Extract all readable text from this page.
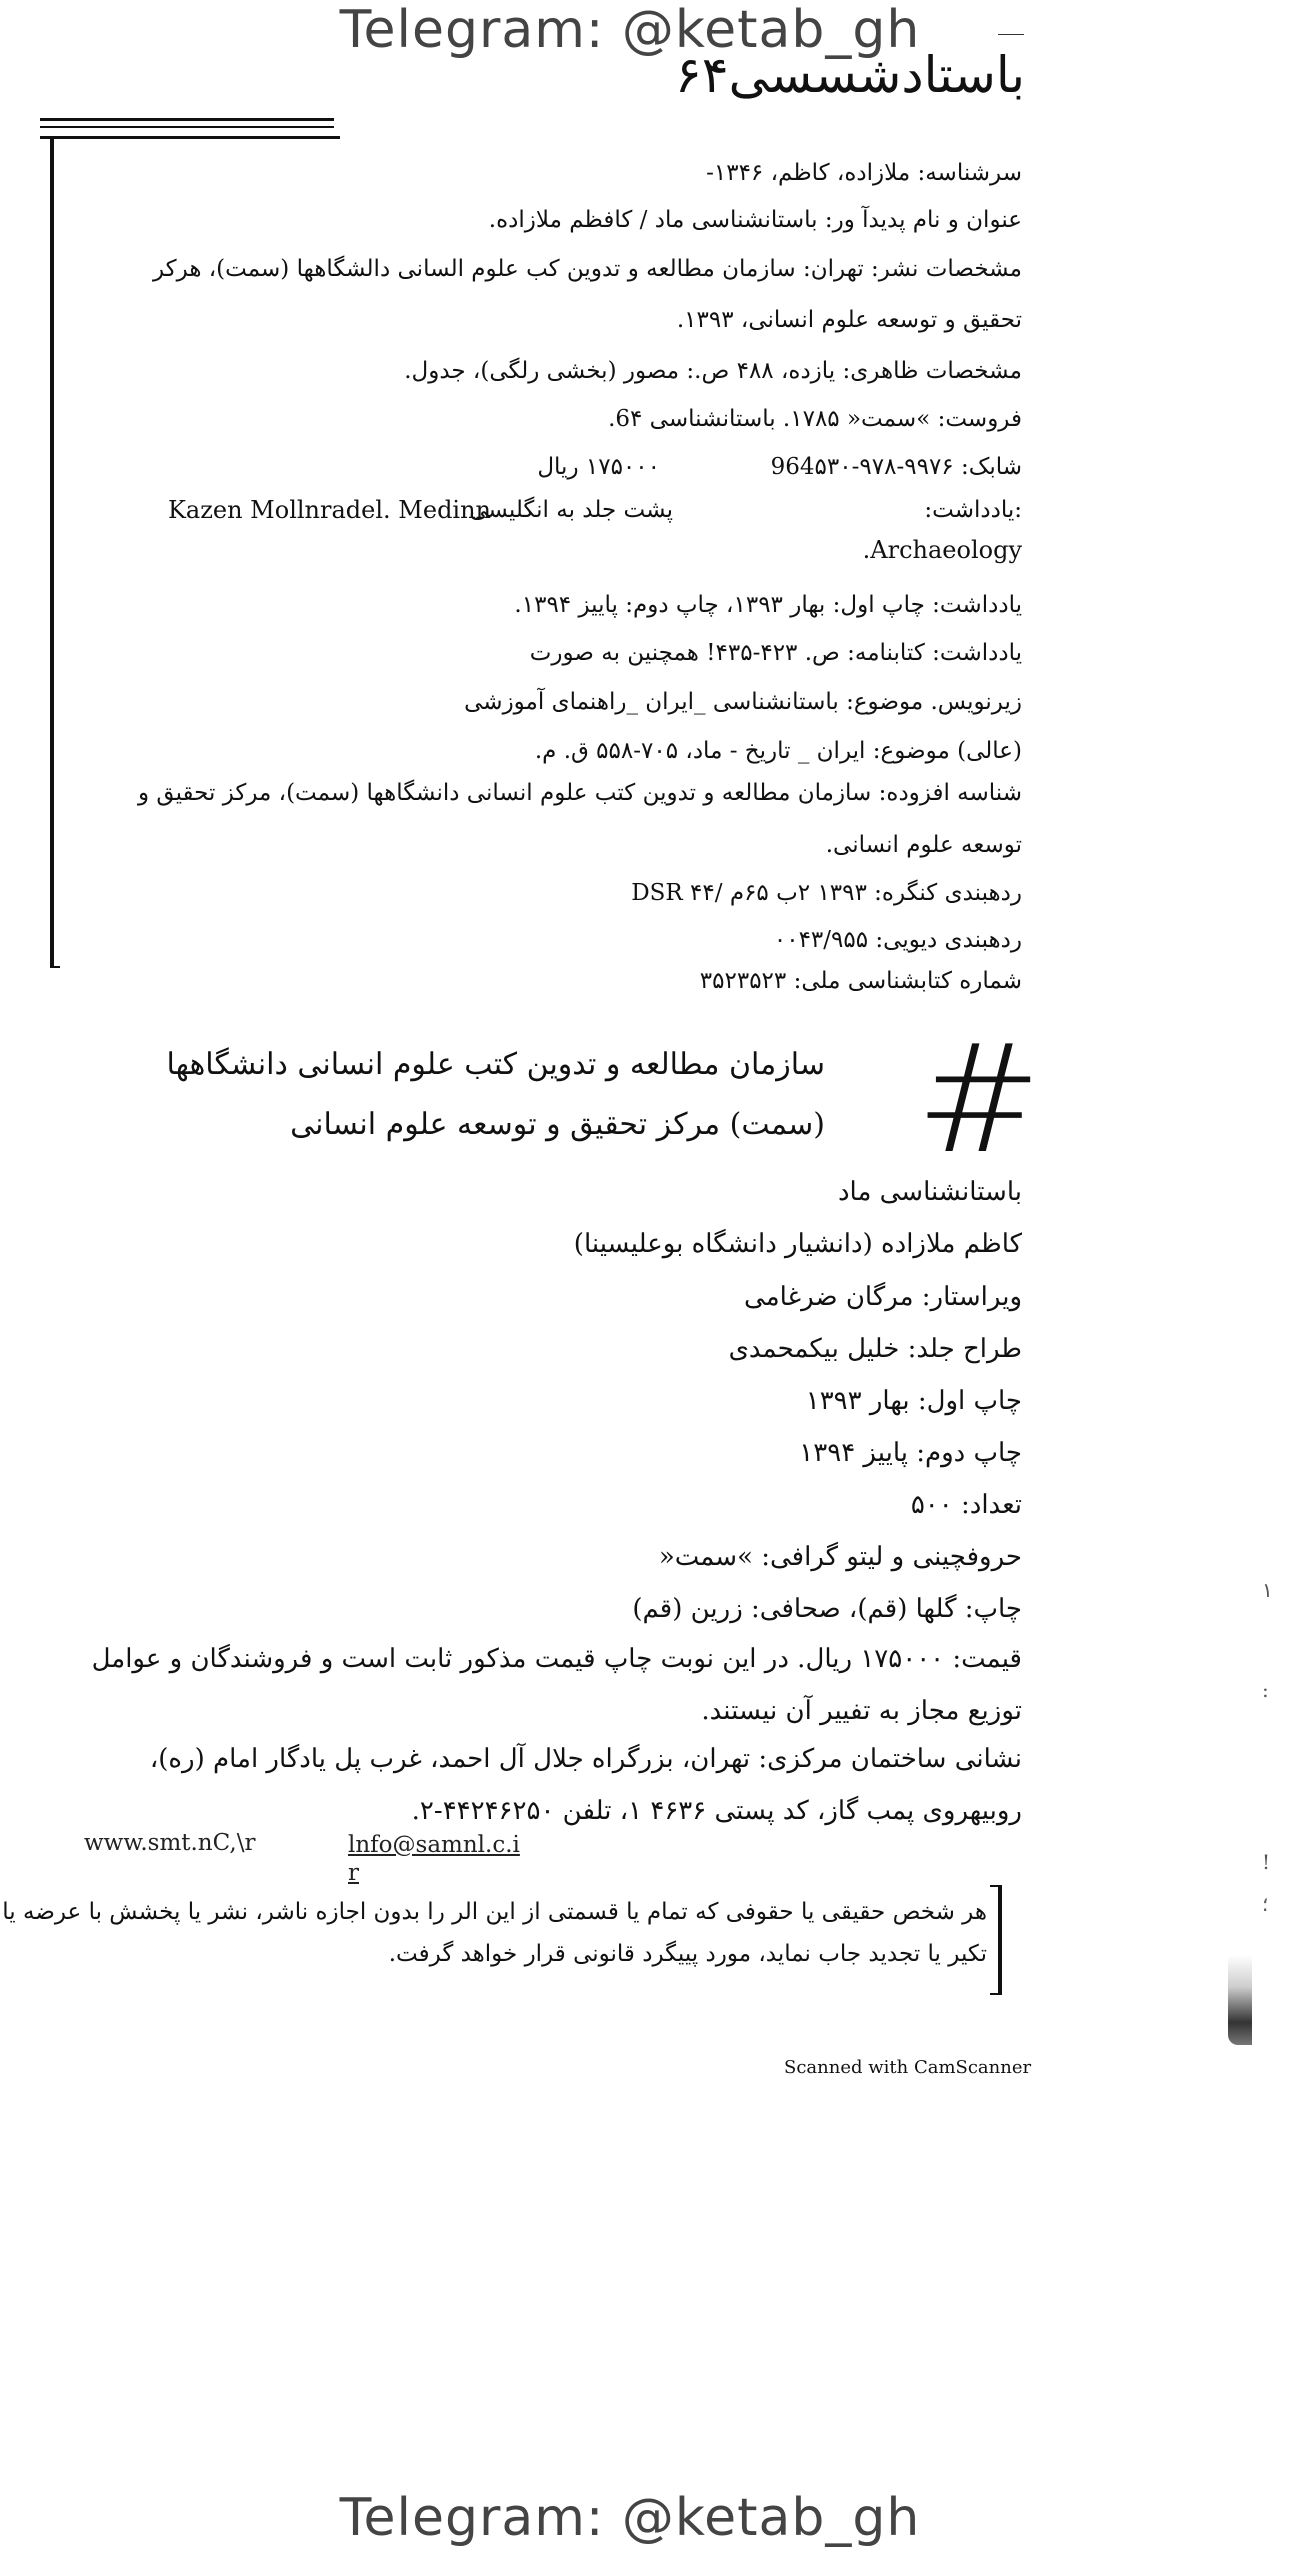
Telegram: @ketab_gh
Telegram: @ketab_gh
باستادشسسی۶۴
سرشناسه: ملازاده، کاظم، ۱۳۴۶-
عنوان و نام پدیدآ ور: باستانشناسی ماد / کافظم ملازاده.
مشخصات نشر: تهران: سازمان مطالعه و تدوین کب علوم السانی دالشگاهها (سمت)، هرکر
تحقیق و توسعه علوم انسانی، ۱۳۹۳.
مشخصات ظاهری: یازده، ۴۸۸ ص.: مصور (بخشی رلگی)، جدول.
فروست: »سمت« ۱۷۸۵. باستانشناسی 6۴.
شابک: ۹۹۷۶-۹۷۸-964۵۳۰
۱۷۵۰۰۰ ریال
:یادداشت:
پشت جلد به انگلیسی
Kazen Mollnradel. Medinn
.Archaeology
یادداشت: چاپ اول: بهار ۱۳۹۳، چاپ دوم: پاییز ۱۳۹۴.
یادداشت: کتابنامه: ص. ۴۲۳-۴۳۵! همچنین به صورت
زیرنویس. موضوع: باستانشناسی _ایران _راهنمای آموزشی
(عالی) موضوع: ایران _ تاریخ - ماد، ۷۰۵-۵۵۸ ق. م.
شناسه افزوده: سازمان مطالعه و تدوین کتب علوم انسانی دانشگاهها (سمت)، مرکز تحقیق و
توسعه علوم انسانی.
DSR ۴۴/ ردهبندی کنگره: ۱۳۹۳ ۲ب ۶۵م
ردهبندی دیویی: ۰۰۴۳/۹۵۵
شماره کتابشناسی ملی: ۳۵۲۳۵۲۳
سازمان مطالعه و تدوین کتب علوم انسانی دانشگاهها
(سمت) مرکز تحقیق و توسعه علوم انسانی #
باستانشناسی ماد
کاظم ملازاده (دانشیار دانشگاه بوعلیسینا)
ویراستار: مرگان ضرغامی
طراح جلد: خلیل بیکمحمدی
چاپ اول: بهار ۱۳۹۳
چاپ دوم: پاییز ۱۳۹۴
تعداد: ۵۰۰
حروفچینی و لیتو گرافی: »سمت«
چاپ: گلها (قم)، صحافی: زرین (قم)
قیمت: ۱۷۵۰۰۰ ریال. در این نوبت چاپ قیمت مذکور ثابت است و فروشندگان و عوامل
توزیع مجاز به تفییر آن نیستند.
نشانی ساختمان مرکزی: تهران، بزرگراه جلال آل احمد، غرب پل یادگار امام (ره)،
روبیهروی پمب گاز، کد پستی ۴۶۳۶ ۱، تلفن ۴۴۲۴۶۲۵۰-۲.
www.smt.nC,\r	lnfo@samnl.c.i
r
هر شخص حقیقی یا حقوفی که تمام یا قسمتی از این الر را بدون اجازه ناشر، نشر یا پخشش با عرضه یا
تکیر یا تجدید جاب نماید، مورد پییگرد قانونی قرار خواهد گرفت.
Scanned with CamScanner
۱
:
!
؛
